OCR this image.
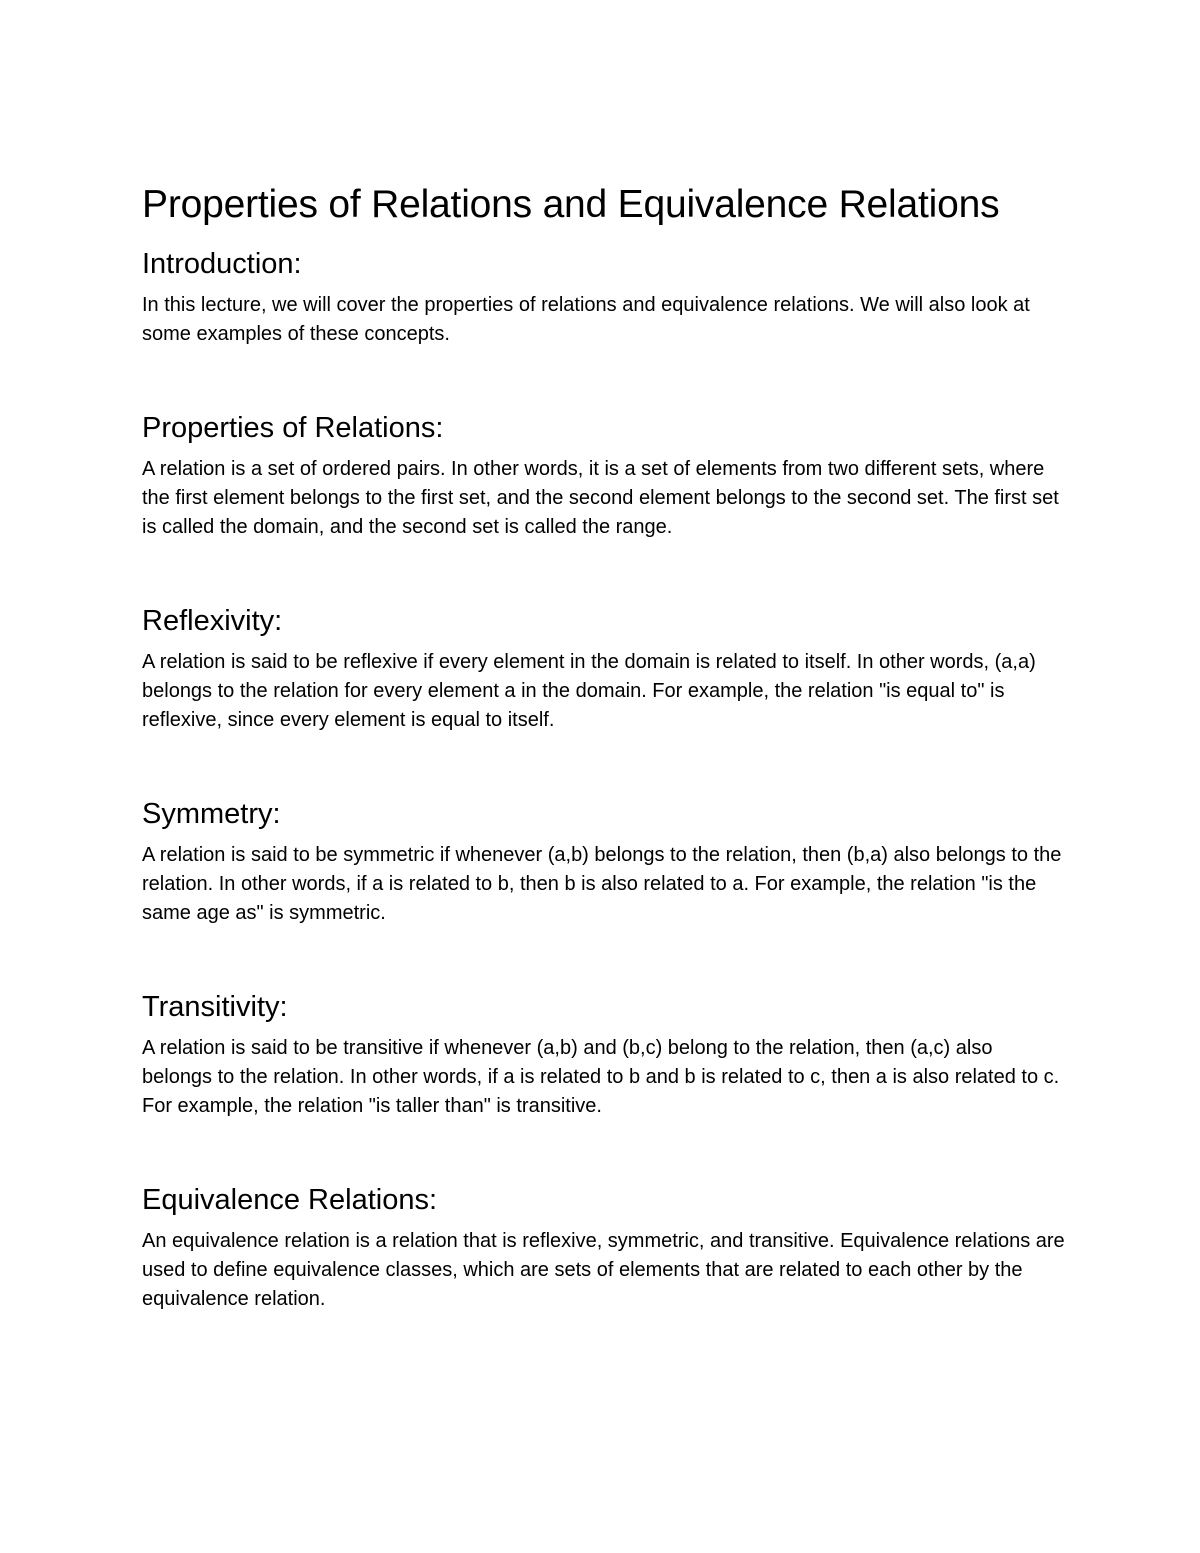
Properties of Relations and Equivalence Relations
Introduction:

In this lecture, we will cover the properties of relations and equivalence relations. We will also look at some examples of these concepts.

Properties of Relations:

A relation is a set of ordered pairs. In other words, it is a set of elements from two different sets, where the first element belongs to the first set, and the second element belongs to the second set. The first set is called the domain, and the second set is called the range.

Reflexivity:

A relation is said to be reflexive if every element in the domain is related to itself. In other words, (a,a) belongs to the relation for every element a in the domain. For example, the relation "is equal to" is reflexive, since every element is equal to itself.

Symmetry:

A relation is said to be symmetric if whenever (a,b) belongs to the relation, then (b,a) also belongs to the relation. In other words, if a is related to b, then b is also related to a. For example, the relation "is the same age as" is symmetric.

Transitivity:

A relation is said to be transitive if whenever (a,b) and (b,c) belong to the relation, then (a,c) also belongs to the relation. In other words, if a is related to b and b is related to c, then a is also related to c. For example, the relation "is taller than" is transitive.

Equivalence Relations:

An equivalence relation is a relation that is reflexive, symmetric, and transitive. Equivalence relations are used to define equivalence classes, which are sets of elements that are related to each other by the equivalence relation.
